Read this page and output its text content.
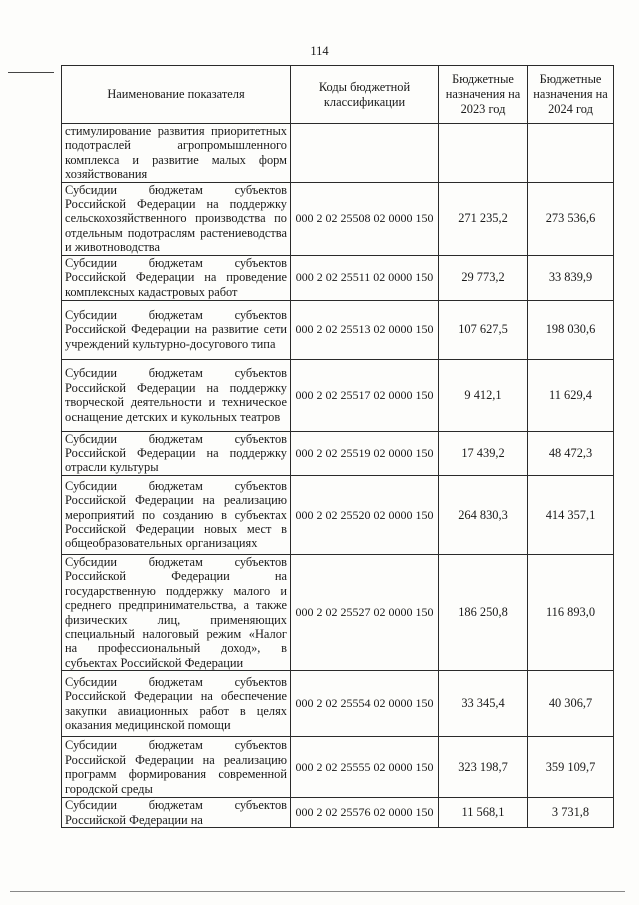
114
Наименование показателя	Коды бюджетной классификации	Бюджетные назначения на 2023 год	Бюджетные назначения на 2024 год
стимулирование развития приоритетных подотраслей агропромышленного комплекса и развитие малых форм хозяйствования			
Субсидии бюджетам субъектов Российской Федерации на поддержку сельскохозяйственного производства по отдельным подотраслям растениеводства и животноводства	000 2 02 25508 02 0000 150	271 235,2	273 536,6
Субсидии бюджетам субъектов Российской Федерации на проведение комплексных кадастровых работ	000 2 02 25511 02 0000 150	29 773,2	33 839,9
Субсидии бюджетам субъектов Российской Федерации на развитие сети учреждений культурно-досугового типа	000 2 02 25513 02 0000 150	107 627,5	198 030,6
Субсидии бюджетам субъектов Российской Федерации на поддержку творческой деятельности и техническое оснащение детских и кукольных театров	000 2 02 25517 02 0000 150	9 412,1	11 629,4
Субсидии бюджетам субъектов Российской Федерации на поддержку отрасли культуры	000 2 02 25519 02 0000 150	17 439,2	48 472,3
Субсидии бюджетам субъектов Российской Федерации на реализацию мероприятий по созданию в субъектах Российской Федерации новых мест в общеобразовательных организациях	000 2 02 25520 02 0000 150	264 830,3	414 357,1
Субсидии бюджетам субъектов Российской Федерации на государственную поддержку малого и среднего предпринимательства, а также физических лиц, применяющих специальный налоговый режим «Налог на профессиональный доход», в субъектах Российской Федерации	000 2 02 25527 02 0000 150	186 250,8	116 893,0
Субсидии бюджетам субъектов Российской Федерации на обеспечение закупки авиационных работ в целях оказания медицинской помощи	000 2 02 25554 02 0000 150	33 345,4	40 306,7
Субсидии бюджетам субъектов Российской Федерации на реализацию программ формирования современной городской среды	000 2 02 25555 02 0000 150	323 198,7	359 109,7
Субсидии бюджетам субъектов Российской Федерации на	000 2 02 25576 02 0000 150	11 568,1	3 731,8
